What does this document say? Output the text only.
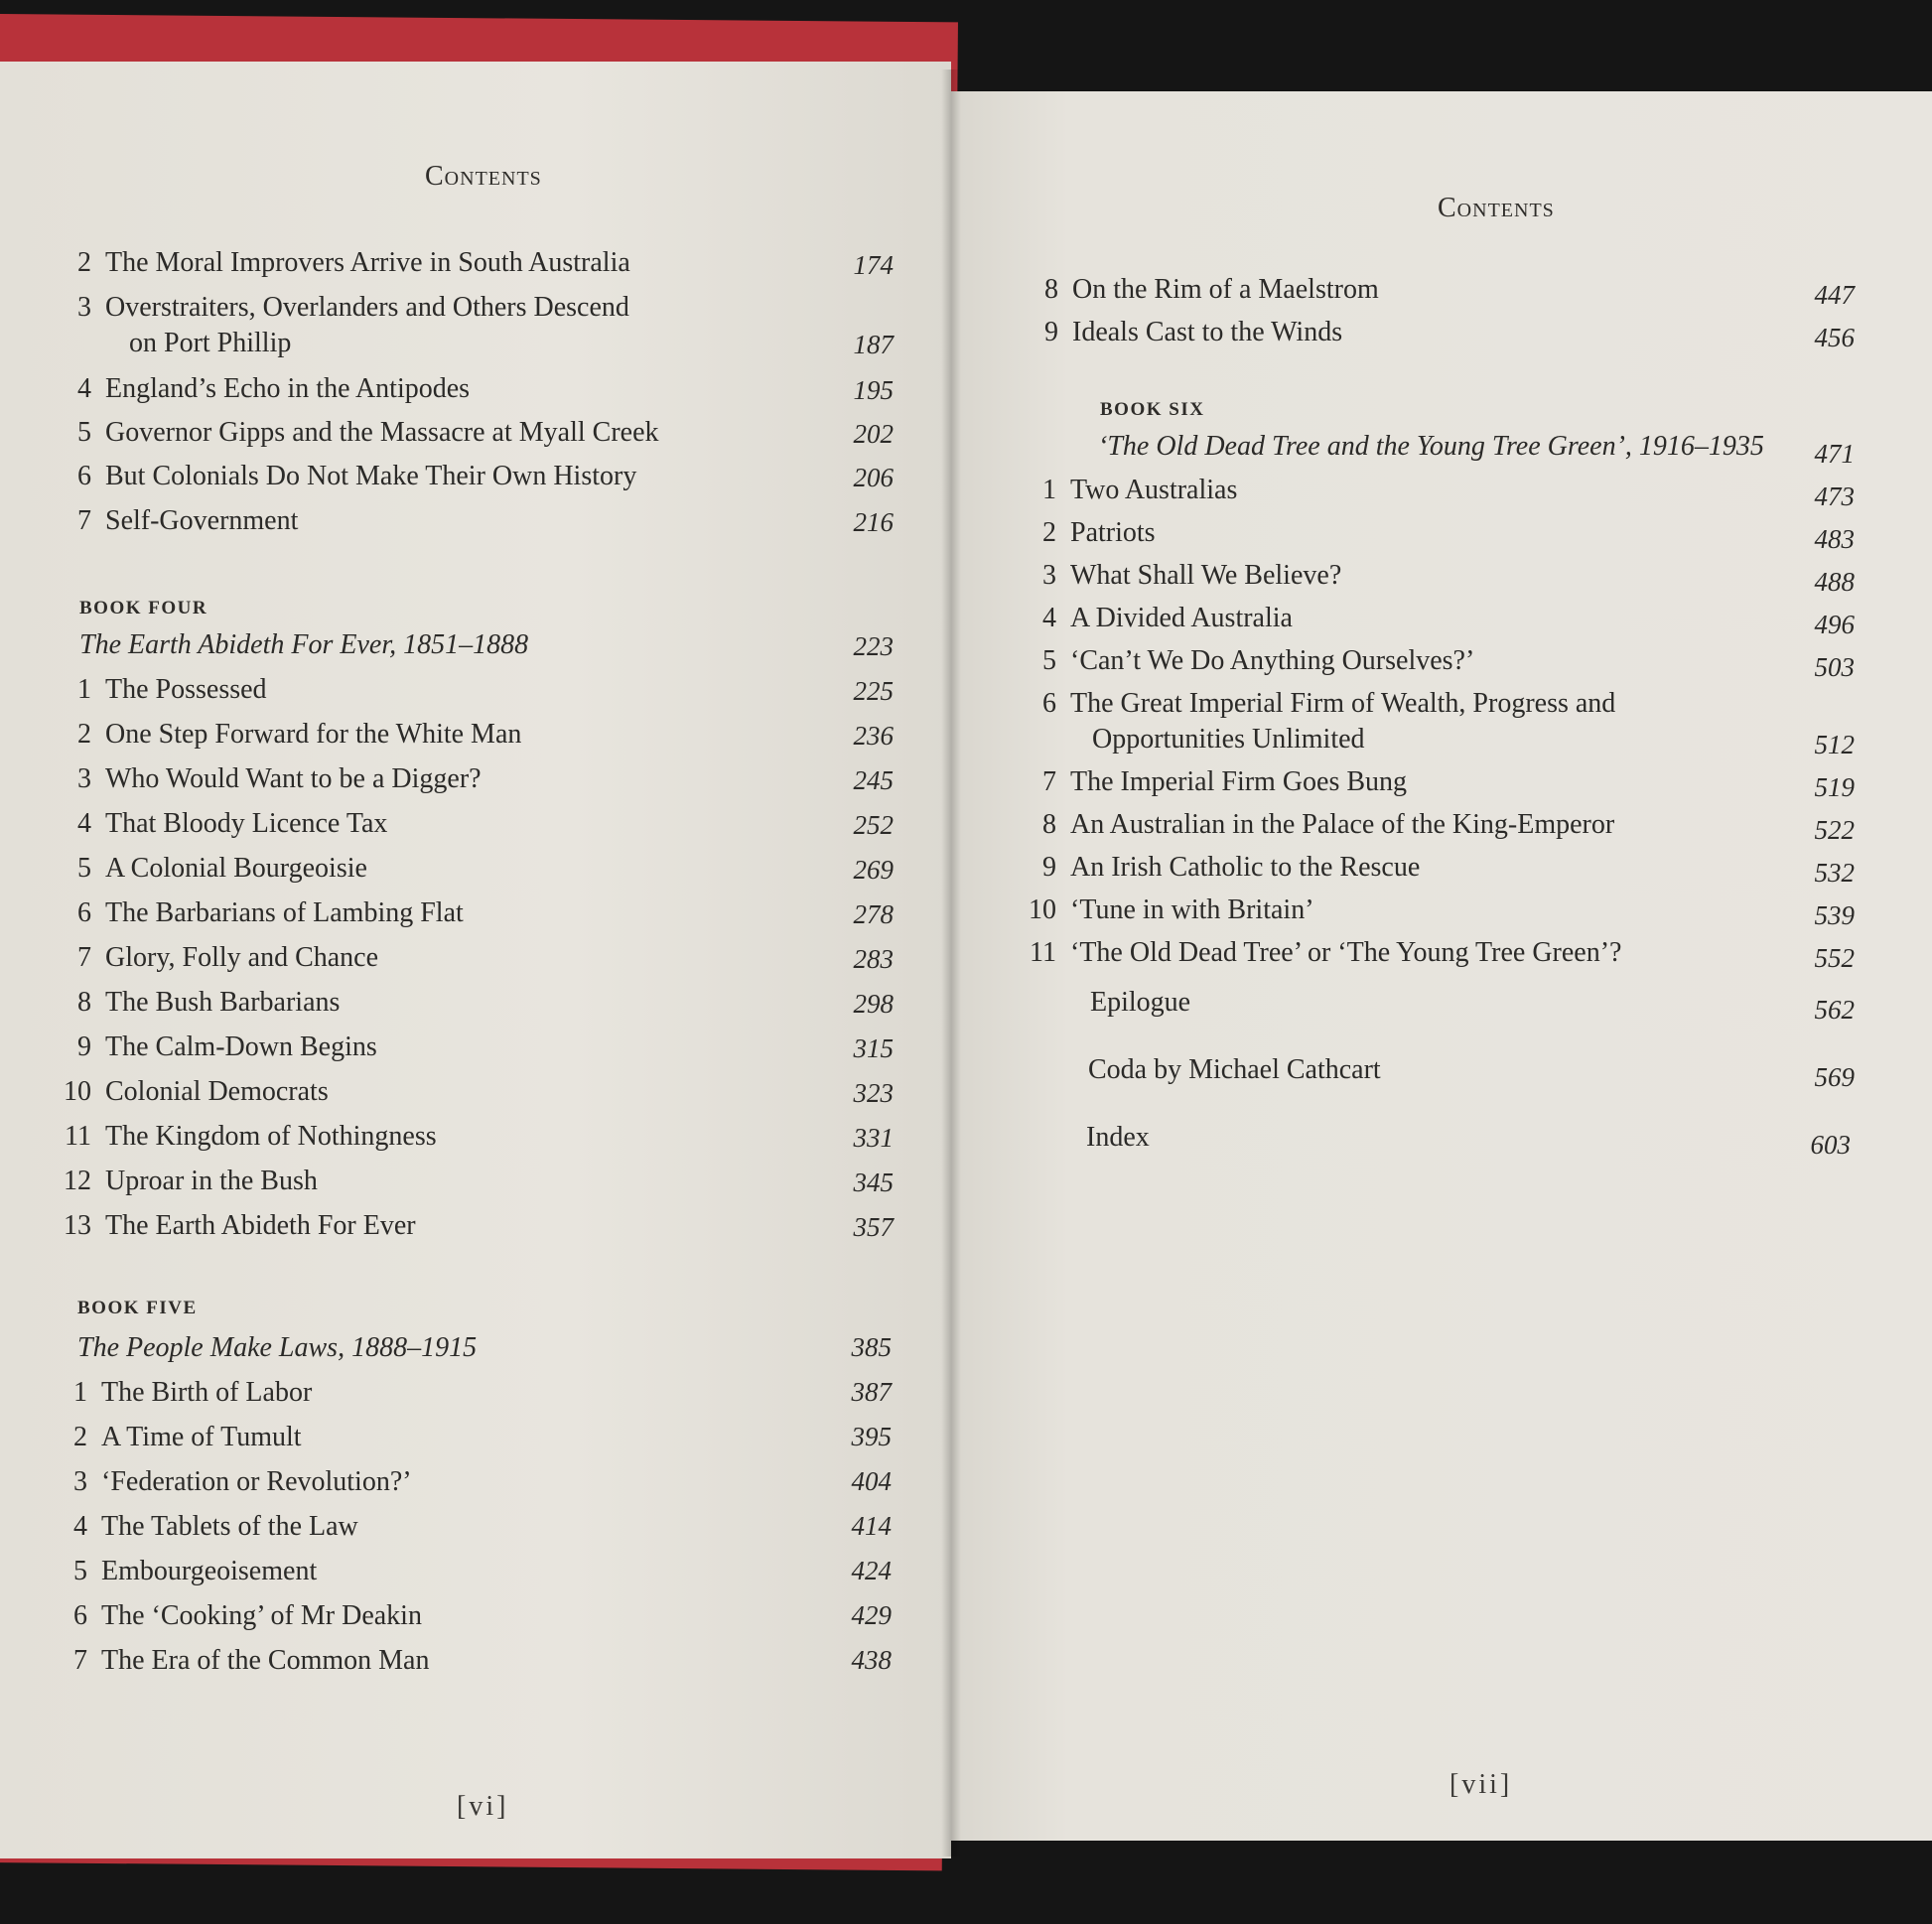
Contents
2 The Moral Improvers Arrive in South Australia	174
3 Overstraiters, Overlanders and Others Descend
on Port Phillip	187
4 England’s Echo in the Antipodes	195
5 Governor Gipps and the Massacre at Myall Creek	202
6 But Colonials Do Not Make Their Own History	206
7 Self-Government	216
BOOK FOUR
The Earth Abideth For Ever, 1851–1888	223
1 The Possessed	225
2 One Step Forward for the White Man	236
3 Who Would Want to be a Digger?	245
4 That Bloody Licence Tax	252
5 A Colonial Bourgeoisie	269
6 The Barbarians of Lambing Flat	278
7 Glory, Folly and Chance	283
8 The Bush Barbarians	298
9 The Calm-Down Begins	315
10 Colonial Democrats	323
11 The Kingdom of Nothingness	331
12 Uproar in the Bush	345
13 The Earth Abideth For Ever	357
BOOK FIVE
The People Make Laws, 1888–1915	385
1 The Birth of Labor	387
2 A Time of Tumult	395
3 ‘Federation or Revolution?’	404
4 The Tablets of the Law	414
5 Embourgeoisement	424
6 The ‘Cooking’ of Mr Deakin	429
7 The Era of the Common Man	438
[vi]
Contents
8 On the Rim of a Maelstrom	447
9 Ideals Cast to the Winds	456
BOOK SIX
‘The Old Dead Tree and the Young Tree Green’, 1916–1935	471
1 Two Australias	473
2 Patriots	483
3 What Shall We Believe?	488
4 A Divided Australia	496
5 ‘Can’t We Do Anything Ourselves?’	503
6 The Great Imperial Firm of Wealth, Progress and
Opportunities Unlimited	512
7 The Imperial Firm Goes Bung	519
8 An Australian in the Palace of the King-Emperor	522
9 An Irish Catholic to the Rescue	532
10 ‘Tune in with Britain’	539
11 ‘The Old Dead Tree’ or ‘The Young Tree Green’?	552
Epilogue	562
Coda by Michael Cathcart	569
Index	603
[vii]
